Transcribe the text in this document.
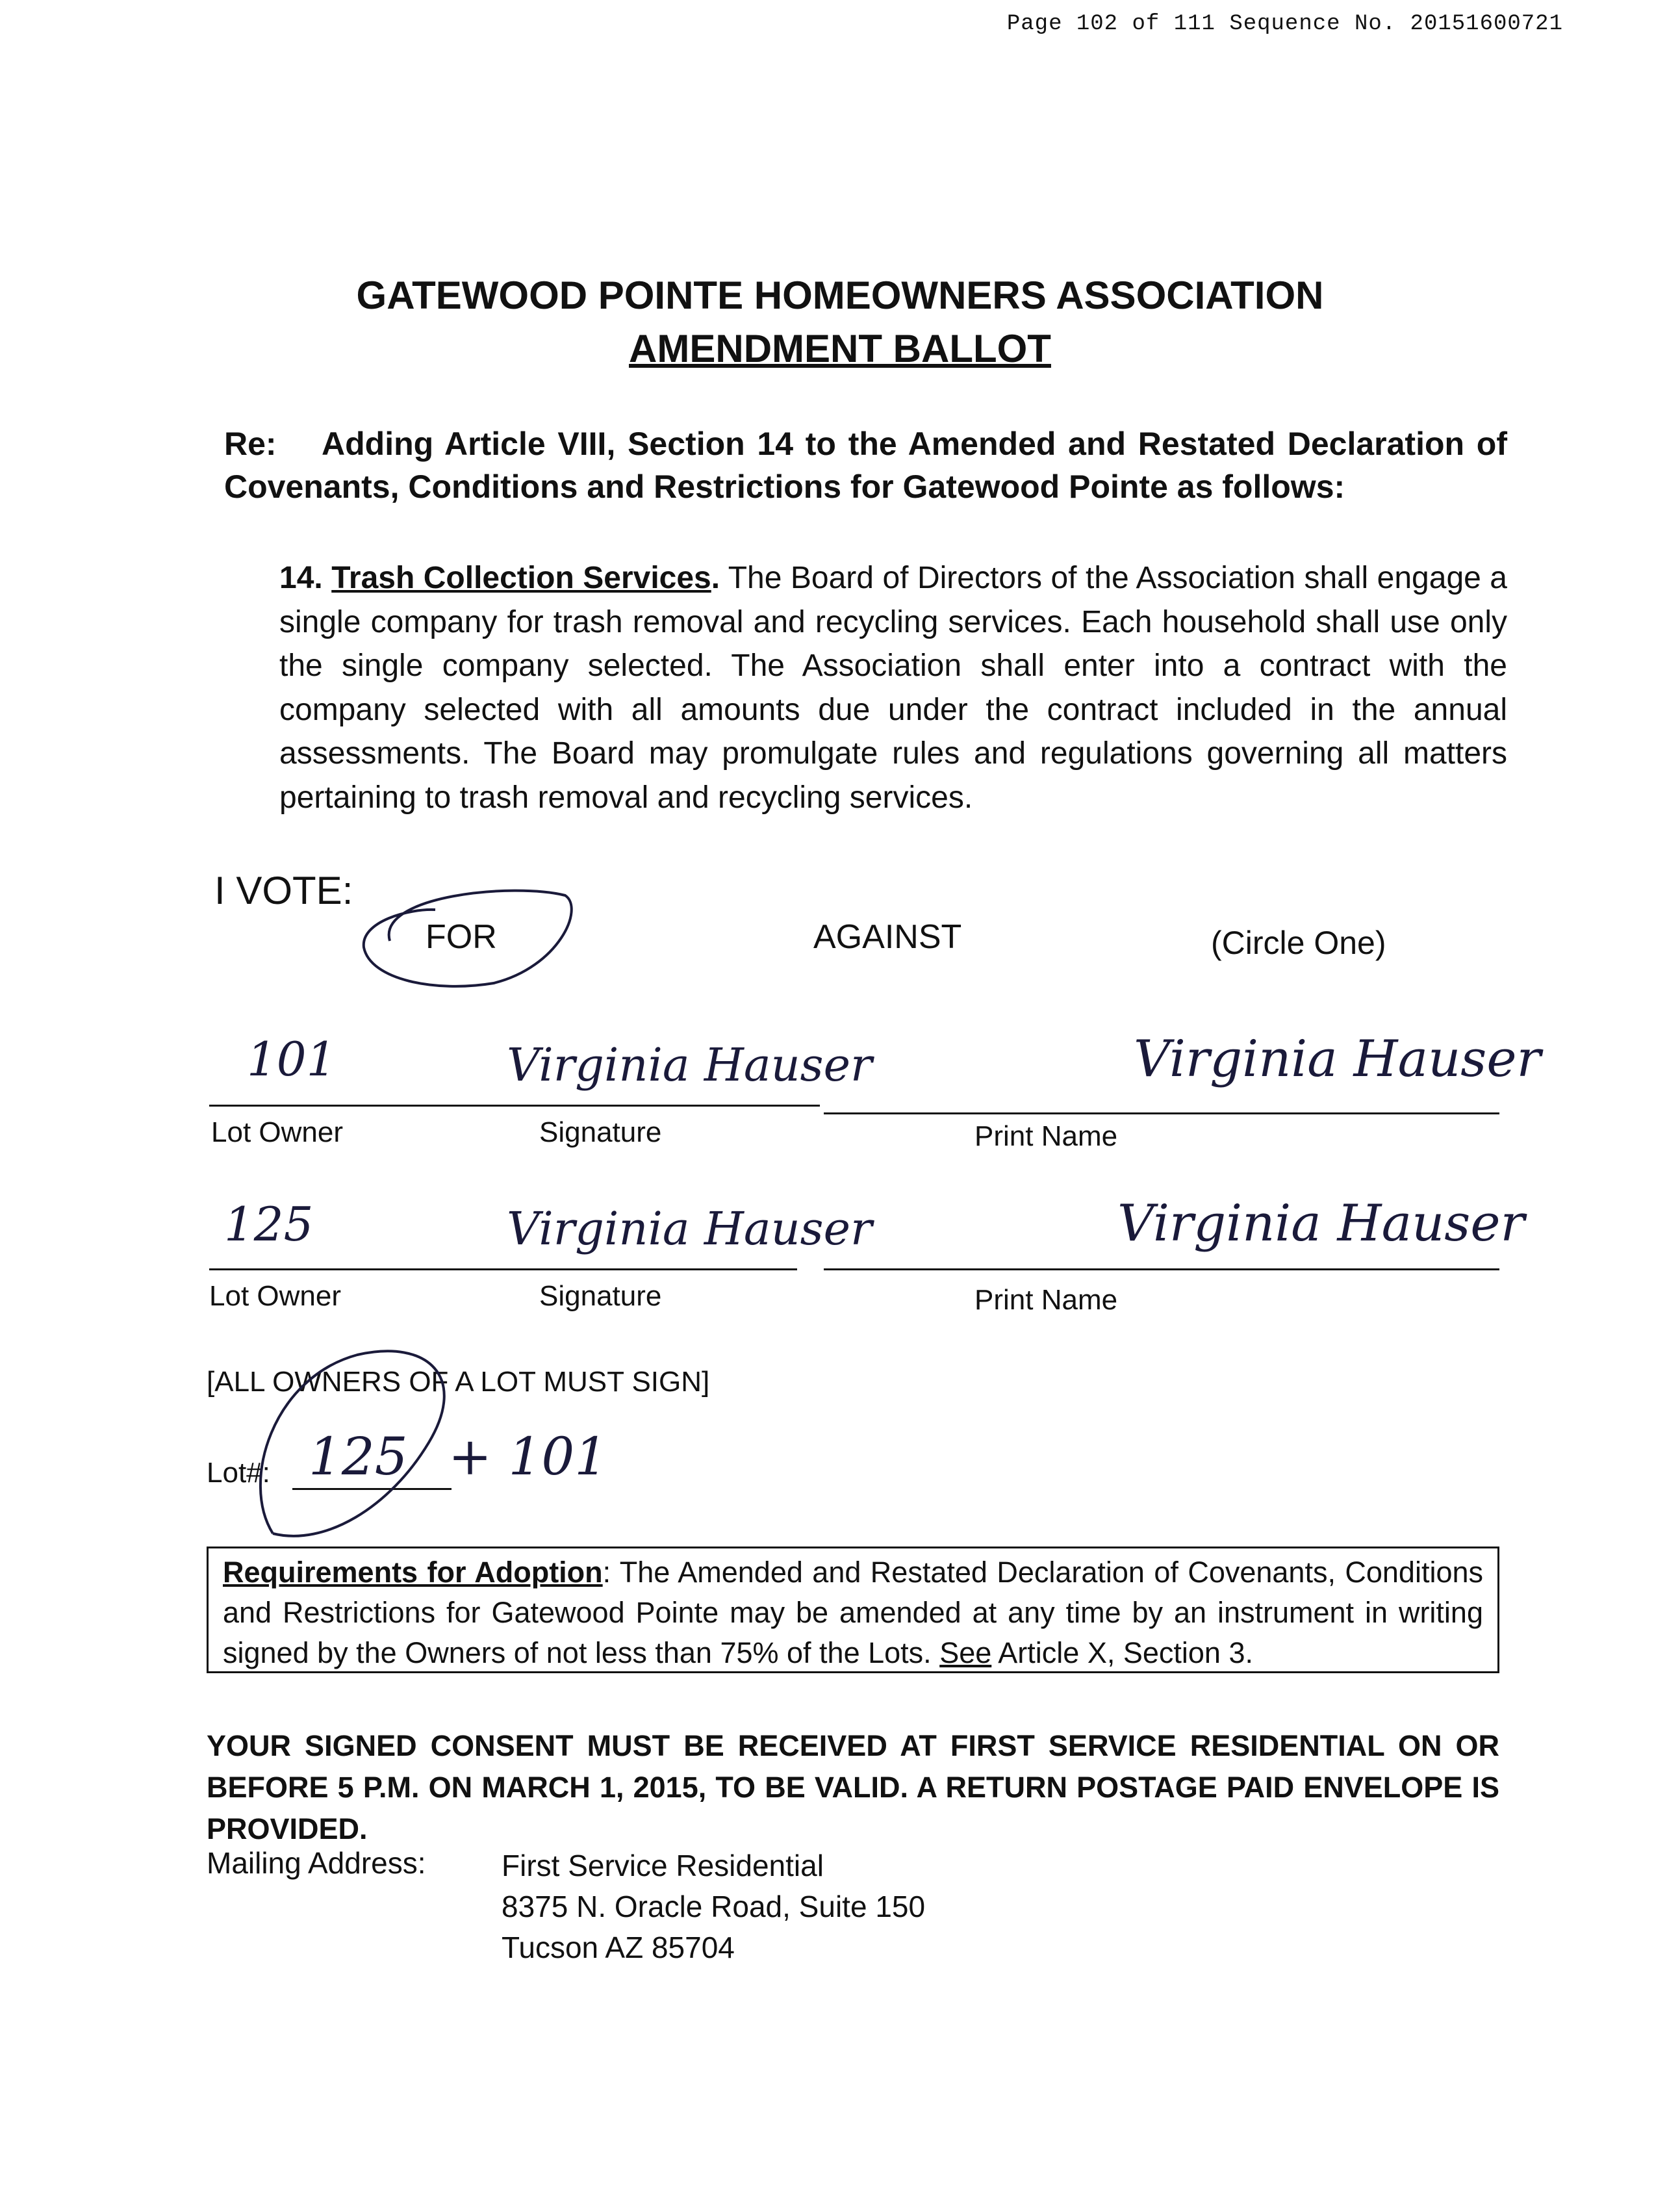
Page 102 of 111 Sequence No. 20151600721
GATEWOOD POINTE HOMEOWNERS ASSOCIATION
AMENDMENT BALLOT
Re: Adding Article VIII, Section 14 to the Amended and Restated Declaration of Covenants, Conditions and Restrictions for Gatewood Pointe as follows:
14. Trash Collection Services. The Board of Directors of the Association shall engage a single company for trash removal and recycling services. Each household shall use only the single company selected. The Association shall enter into a contract with the company selected with all amounts due under the contract included in the annual assessments. The Board may promulgate rules and regulations governing all matters pertaining to trash removal and recycling services.
I VOTE:
FOR	AGAINST	(Circle One)
101	Virginia Hauser	Virginia Hauser
Lot Owner	Signature	Print Name
125	Virginia Hauser	Virginia Hauser
Lot Owner	Signature	Print Name
[ALL OWNERS OF A LOT MUST SIGN]
Lot#: 125 + 101
Requirements for Adoption: The Amended and Restated Declaration of Covenants, Conditions and Restrictions for Gatewood Pointe may be amended at any time by an instrument in writing signed by the Owners of not less than 75% of the Lots. See Article X, Section 3.
YOUR SIGNED CONSENT MUST BE RECEIVED AT FIRST SERVICE RESIDENTIAL ON OR BEFORE 5 P.M. ON MARCH 1, 2015, TO BE VALID. A RETURN POSTAGE PAID ENVELOPE IS PROVIDED.
Mailing Address:	First Service Residential
8375 N. Oracle Road, Suite 150
Tucson AZ 85704
